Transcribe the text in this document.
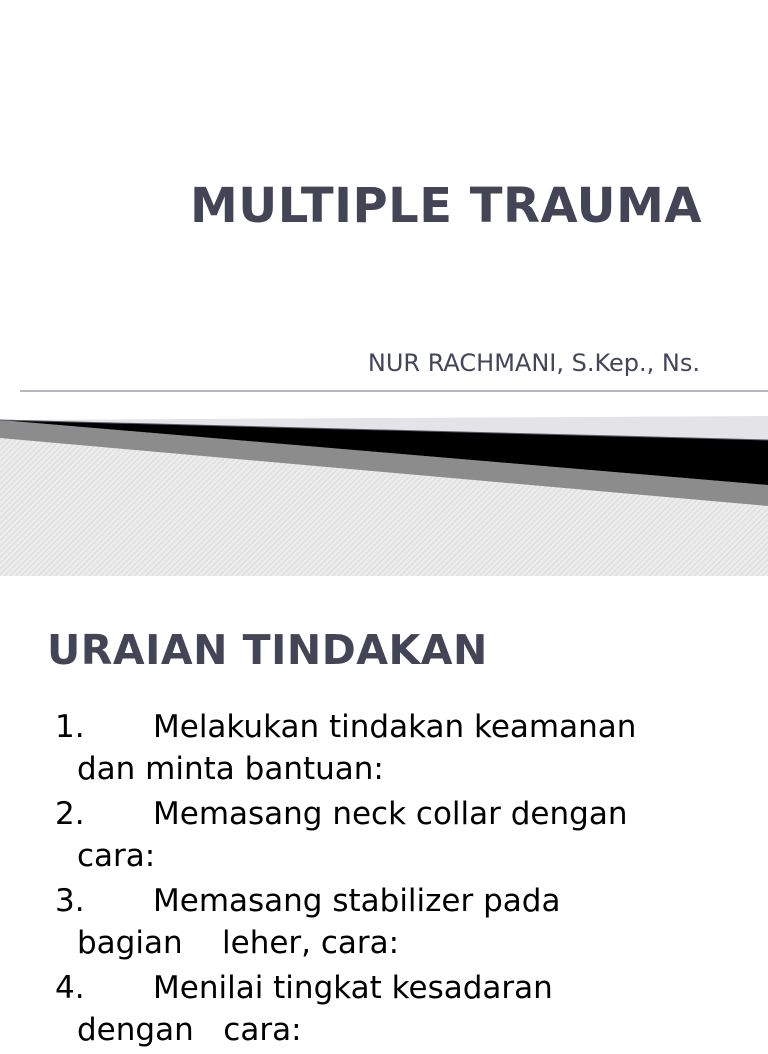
MULTIPLE TRAUMA
NUR RACHMANI, S.Kep., Ns.
URAIAN TINDAKAN
1. Melakukan tindakan keamanan
dan minta bantuan:
2. Memasang neck collar dengan
cara:
3. Memasang stabilizer pada
bagian    leher, cara:
4. Menilai tingkat kesadaran
dengan   cara:
